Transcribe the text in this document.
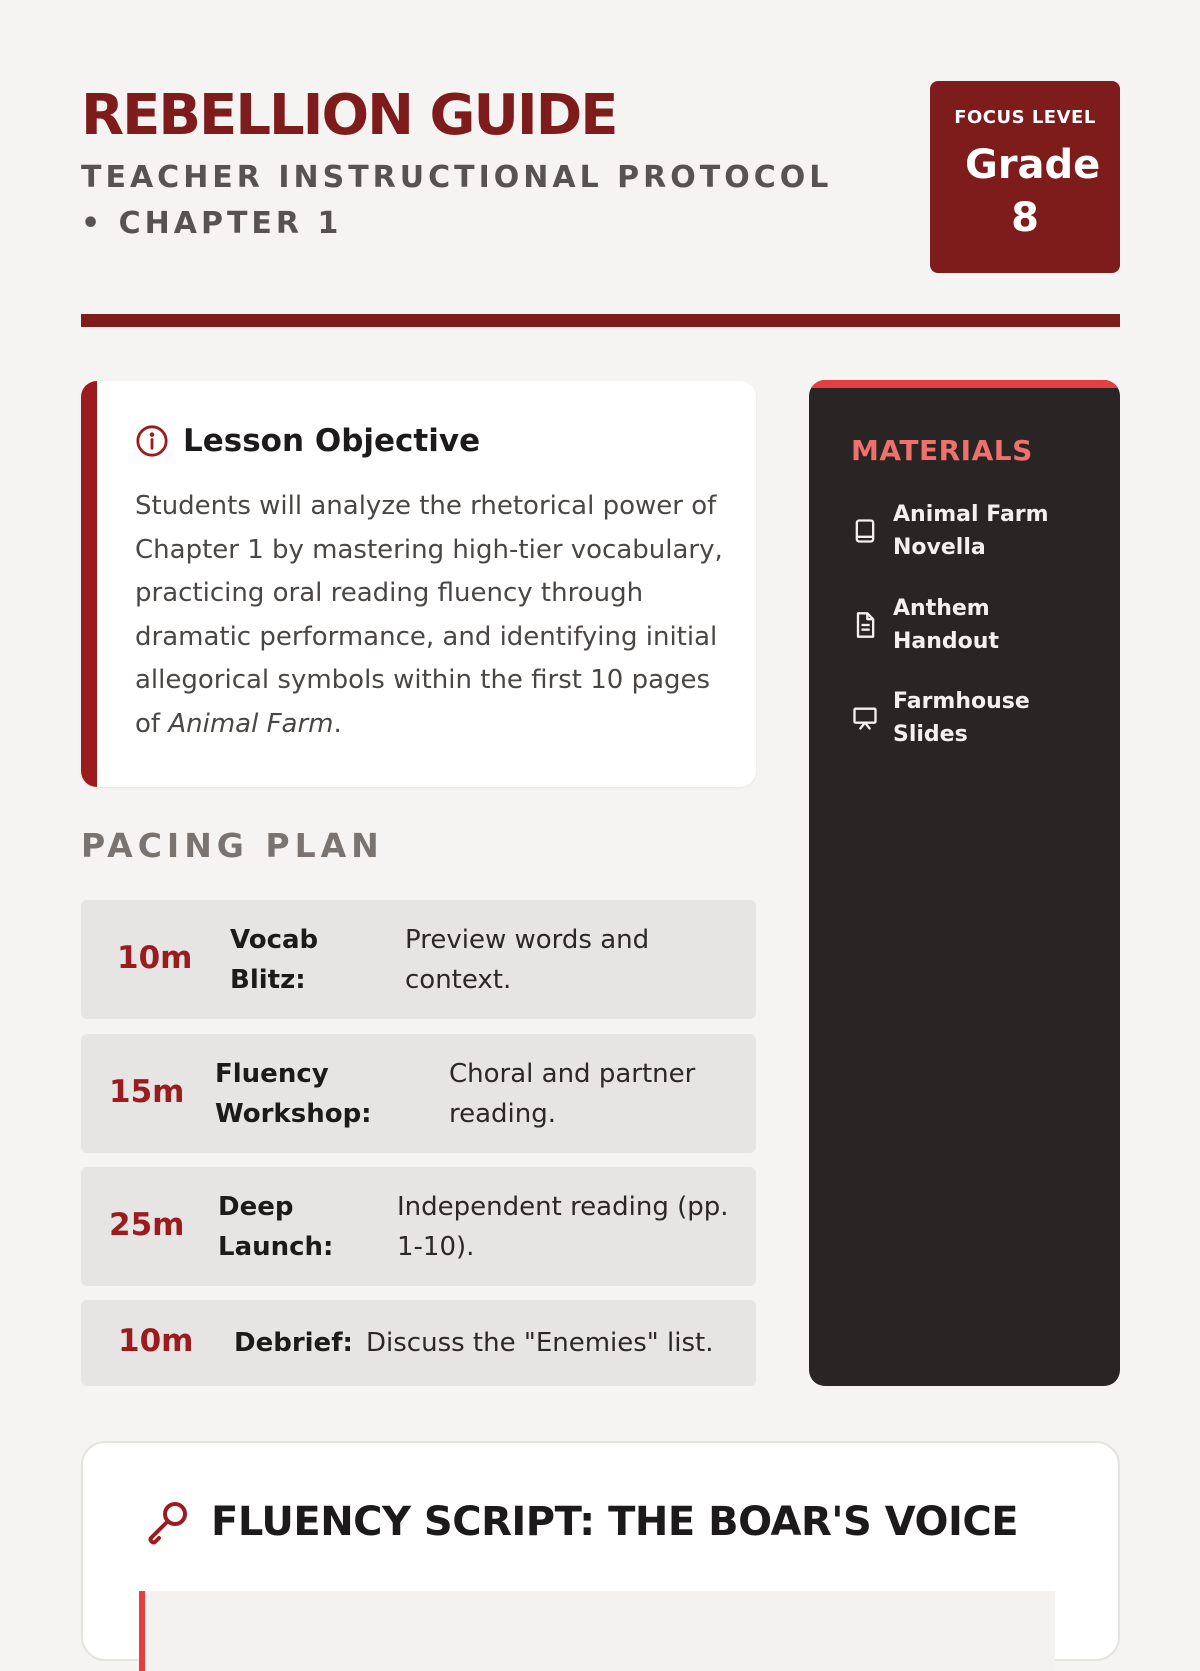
REBELLION GUIDE
TEACHER INSTRUCTIONAL PROTOCOL • CHAPTER 1
FOCUS LEVEL
Grade 8
Lesson Objective
Students will analyze the rhetorical power of Chapter 1 by mastering high-tier vocabulary, practicing oral reading fluency through dramatic performance, and identifying initial allegorical symbols within the first 10 pages of Animal Farm.
PACING PLAN
10m Vocab Blitz:
Preview words and context.
15m Fluency Workshop:
Choral and partner reading.
25m Deep Launch:
Independent reading (pp. 1-10).
10m Debrief: Discuss the "Enemies" list.
MATERIALS
Animal Farm Novella
Anthem Handout
Farmhouse Slides
FLUENCY SCRIPT: THE BOAR'S VOICE
